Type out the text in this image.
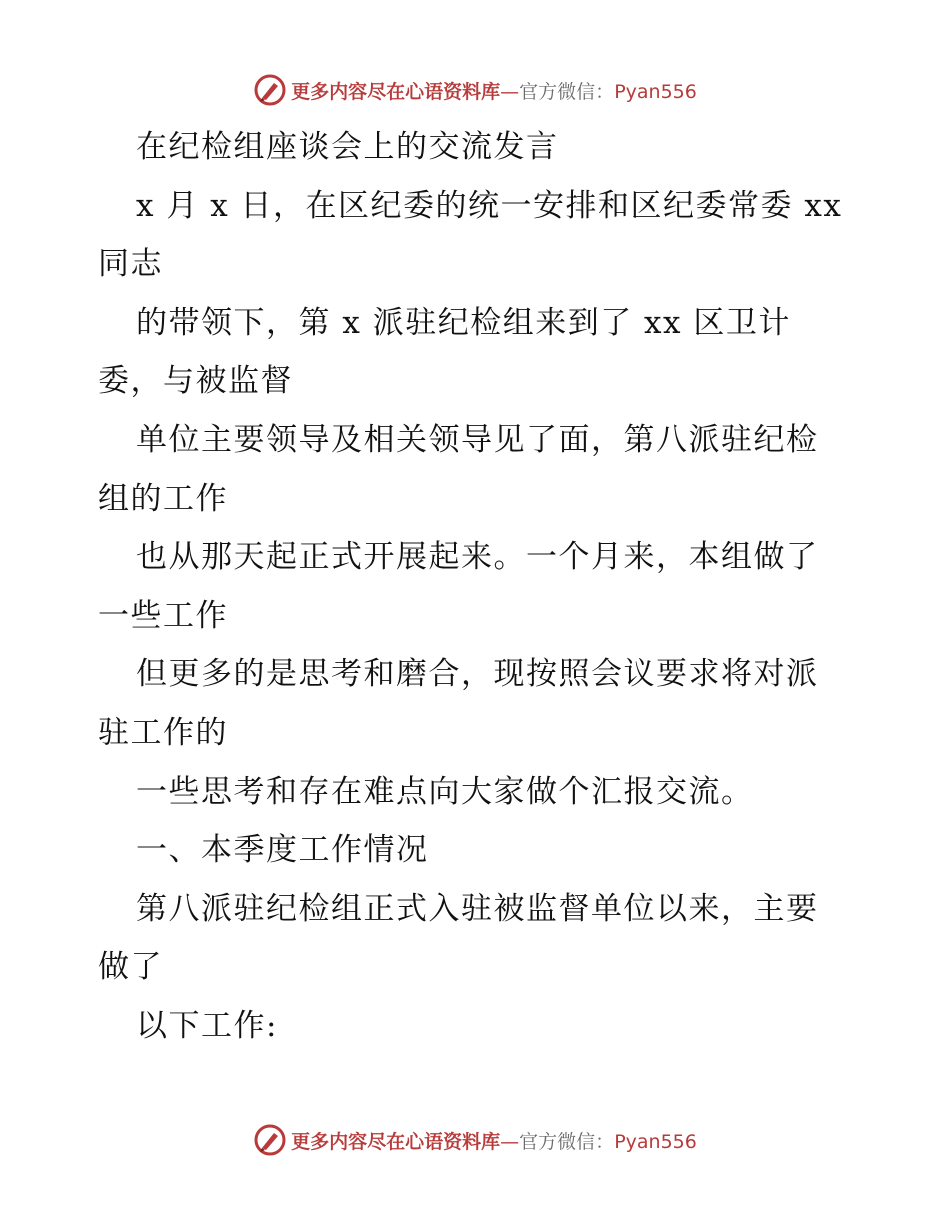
更多内容尽在心语资料库—官方微信：Pyan556
在纪检组座谈会上的交流发言
x 月 x 日，在区纪委的统一安排和区纪委常委 xx
同志
的带领下，第 x 派驻纪检组来到了 xx 区卫计
委，与被监督
单位主要领导及相关领导见了面，第八派驻纪检
组的工作
也从那天起正式开展起来。一个月来，本组做了
一些工作
但更多的是思考和磨合，现按照会议要求将对派
驻工作的
一些思考和存在难点向大家做个汇报交流。
一、本季度工作情况
第八派驻纪检组正式入驻被监督单位以来，主要
做了
以下工作:
更多内容尽在心语资料库—官方微信：Pyan556
